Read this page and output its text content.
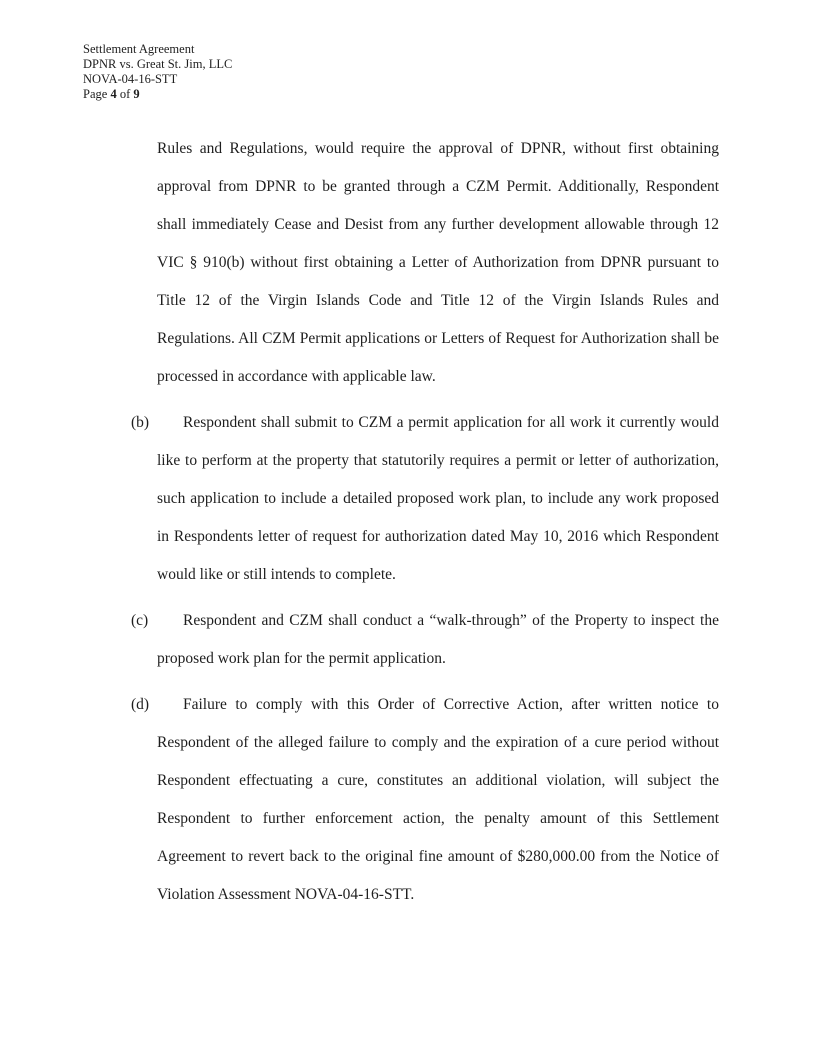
Settlement Agreement
DPNR vs. Great St. Jim, LLC
NOVA-04-16-STT
Page 4 of 9
Rules and Regulations, would require the approval of DPNR, without first obtaining approval from DPNR to be granted through a CZM Permit. Additionally, Respondent shall immediately Cease and Desist from any further development allowable through 12 VIC § 910(b) without first obtaining a Letter of Authorization from DPNR pursuant to Title 12 of the Virgin Islands Code and Title 12 of the Virgin Islands Rules and Regulations. All CZM Permit applications or Letters of Request for Authorization shall be processed in accordance with applicable law.
(b)	Respondent shall submit to CZM a permit application for all work it currently would like to perform at the property that statutorily requires a permit or letter of authorization, such application to include a detailed proposed work plan, to include any work proposed in Respondents letter of request for authorization dated May 10, 2016 which Respondent would like or still intends to complete.
(c)	Respondent and CZM shall conduct a “walk-through” of the Property to inspect the proposed work plan for the permit application.
(d)	Failure to comply with this Order of Corrective Action, after written notice to Respondent of the alleged failure to comply and the expiration of a cure period without Respondent effectuating a cure, constitutes an additional violation, will subject the Respondent to further enforcement action, the penalty amount of this Settlement Agreement to revert back to the original fine amount of $280,000.00 from the Notice of Violation Assessment NOVA-04-16-STT.
